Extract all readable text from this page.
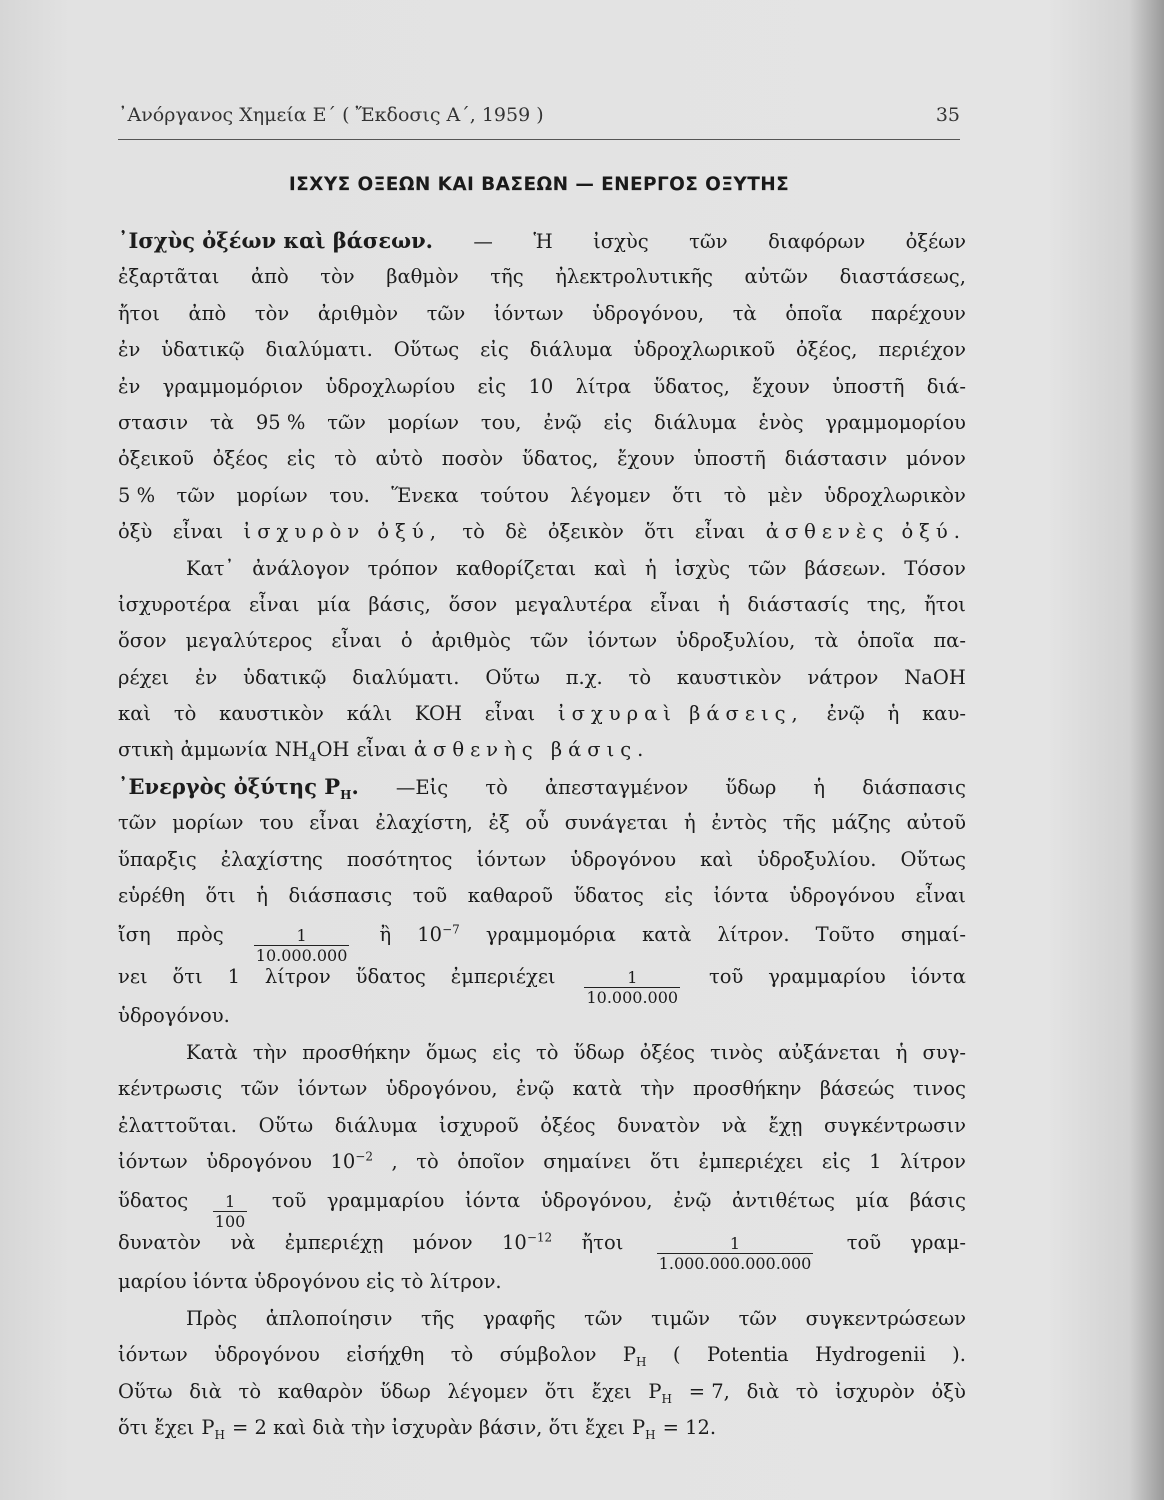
᾽Ανόργανος Χημεία Ε΄ ( Ἔκδοσις Α΄, 1959 )	35
ΙΣΧΥΣ ΟΞΕΩΝ ΚΑΙ ΒΑΣΕΩΝ — ΕΝΕΡΓΟΣ ΟΞΥΤΗΣ
᾽Ισχὺς ὀξέων καὶ βάσεων. — Ἡ ἰσχὺς τῶν διαφόρων ὀξέων
ἐξαρτᾶται ἀπὸ τὸν βαθμὸν τῆς ἠλεκτρολυτικῆς αὐτῶν διαστάσεως,
ἤτοι ἀπὸ τὸν ἀριθμὸν τῶν ἰόντων ὑδρογόνου, τὰ ὁποῖα παρέχουν
ἐν ὑδατικῷ διαλύματι. Οὕτως εἰς διάλυμα ὑδροχλωρικοῦ ὀξέος, περιέχον
ἐν γραμμομόριον ὑδροχλωρίου εἰς 10 λίτρα ὕδατος, ἔχουν ὑποστῆ διά-
στασιν τὰ 95 % τῶν μορίων του, ἐνῷ εἰς διάλυμα ἑνὸς γραμμομορίου
ὀξεικοῦ ὀξέος εἰς τὸ αὐτὸ ποσὸν ὕδατος, ἔχουν ὑποστῆ διάστασιν μόνον
5 % τῶν μορίων του. Ἕνεκα τούτου λέγομεν ὅτι τὸ μὲν ὑδροχλωρικὸν
ὀξὺ εἶναι ἰσχυρὸν ὀξύ, τὸ δὲ ὀξεικὸν ὅτι εἶναι ἀσθενὲς ὀξύ.
Κατ᾽ ἀνάλογον τρόπον καθορίζεται καὶ ἡ ἰσχὺς τῶν βάσεων. Τόσον
ἰσχυροτέρα εἶναι μία βάσις, ὅσον μεγαλυτέρα εἶναι ἡ διάστασίς της, ἤτοι
ὅσον μεγαλύτερος εἶναι ὁ ἀριθμὸς τῶν ἰόντων ὑδροξυλίου, τὰ ὁποῖα πα-
ρέχει ἐν ὑδατικῷ διαλύματι. Οὕτω π.χ. τὸ καυστικὸν νάτρον NaOH
καὶ τὸ καυστικὸν κάλι KOH εἶναι ἰσχυραὶ βάσεις, ἐνῷ ἡ καυ-
στικὴ ἀμμωνία $NH_4OH$ εἶναι ἀσθενὴς βάσις.
᾽Ενεργὸς ὀξύτης $P_H$. —Εἰς τὸ ἀπεσταγμένον ὕδωρ ἡ διάσπασις
τῶν μορίων του εἶναι ἐλαχίστη, ἐξ οὗ συνάγεται ἡ ἐντὸς τῆς μάζης αὐτοῦ
ὕπαρξις ἐλαχίστης ποσότητος ἰόντων ὑδρογόνου καὶ ὑδροξυλίου. Οὕτως
εὑρέθη ὅτι ἡ διάσπασις τοῦ καθαροῦ ὕδατος εἰς ἰόντα ὑδρογόνου εἶναι
ἴση πρὸς $\frac{1}{10.000.000}$ ἢ $10^{-7}$ γραμμομόρια κατὰ λίτρον. Τοῦτο σημαί-
νει ὅτι 1 λίτρον ὕδατος ἐμπεριέχει $\frac{1}{10.000.000}$ τοῦ γραμμαρίου ἰόντα
ὑδρογόνου.
Κατὰ τὴν προσθήκην ὅμως εἰς τὸ ὕδωρ ὀξέος τινὸς αὐξάνεται ἡ συγ-
κέντρωσις τῶν ἰόντων ὑδρογόνου, ἐνῷ κατὰ τὴν προσθήκην βάσεώς τινος
ἐλαττοῦται. Οὕτω διάλυμα ἰσχυροῦ ὀξέος δυνατὸν νὰ ἔχῃ συγκέντρωσιν
ἰόντων ὑδρογόνου $10^{-2}$ , τὸ ὁποῖον σημαίνει ὅτι ἐμπεριέχει εἰς 1 λίτρον
ὕδατος $\frac{1}{100}$ τοῦ γραμμαρίου ἰόντα ὑδρογόνου, ἐνῷ ἀντιθέτως μία βάσις
δυνατὸν νὰ ἐμπεριέχῃ μόνον $10^{-12}$ ἤτοι $\frac{1}{1.000.000.000.000}$ τοῦ γραμ-
μαρίου ἰόντα ὑδρογόνου εἰς τὸ λίτρον.
Πρὸς ἁπλοποίησιν τῆς γραφῆς τῶν τιμῶν τῶν συγκεντρώσεων
ἰόντων ὑδρογόνου εἰσήχθη τὸ σύμβολον $P_H$ ( Potentia Hydrogenii ).
Οὕτω διὰ τὸ καθαρὸν ὕδωρ λέγομεν ὅτι ἔχει $P_H = 7$, διὰ τὸ ἰσχυρὸν ὀξὺ
ὅτι ἔχει $P_H = 2$ καὶ διὰ τὴν ἰσχυρὰν βάσιν, ὅτι ἔχει $P_H = 12$.
